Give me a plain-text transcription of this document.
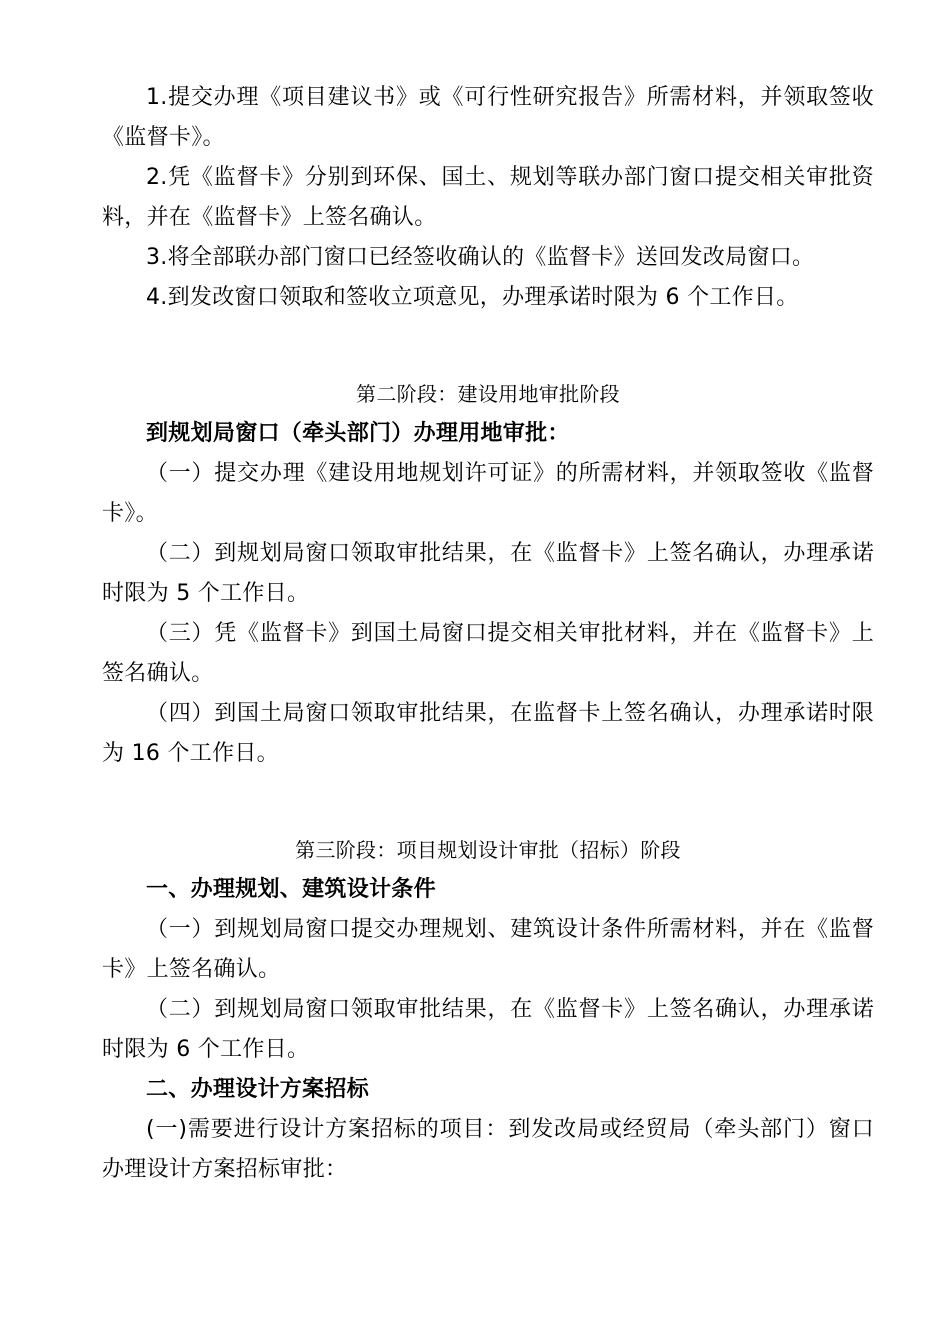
1.提交办理《项目建议书》或《可行性研究报告》所需材料，并领取签收《监督卡》。

2.凭《监督卡》分别到环保、国土、规划等联办部门窗口提交相关审批资料，并在《监督卡》上签名确认。

3.将全部联办部门窗口已经签收确认的《监督卡》送回发改局窗口。

4.到发改窗口领取和签收立项意见，办理承诺时限为 6 个工作日。

第二阶段：建设用地审批阶段

到规划局窗口（牵头部门）办理用地审批：

（一）提交办理《建设用地规划许可证》的所需材料，并领取签收《监督卡》。

（二）到规划局窗口领取审批结果，在《监督卡》上签名确认，办理承诺时限为 5 个工作日。

（三）凭《监督卡》到国土局窗口提交相关审批材料，并在《监督卡》上签名确认。

（四）到国土局窗口领取审批结果，在监督卡上签名确认，办理承诺时限为 16 个工作日。

第三阶段：项目规划设计审批（招标）阶段

一、办理规划、建筑设计条件

（一）到规划局窗口提交办理规划、建筑设计条件所需材料，并在《监督卡》上签名确认。

（二）到规划局窗口领取审批结果，在《监督卡》上签名确认，办理承诺时限为 6 个工作日。

二、办理设计方案招标

(一)需要进行设计方案招标的项目：到发改局或经贸局（牵头部门）窗口办理设计方案招标审批：
